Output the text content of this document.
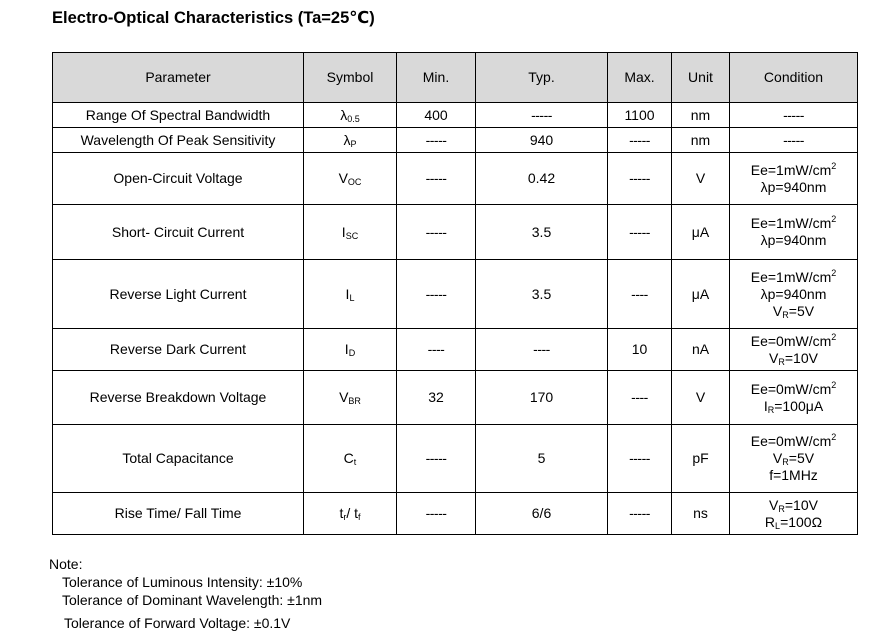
Electro-Optical Characteristics (Ta=25℃)
Parameter	Symbol	Min.	Typ.	Max.	Unit	Condition
Range Of Spectral Bandwidth	$\lambda_{0.5}$	400	-----	1100	nm	-----
Wavelength Of Peak Sensitivity	$\lambda_P$	-----	940	-----	nm	-----
Open-Circuit Voltage	$V_{OC}$	-----	0.42	-----	V	$Ee=1mW/cm^2$
λp=940nm

Short- Circuit Current	$I_{SC}$	-----	3.5	-----	μA	$Ee=1mW/cm^2$
λp=940nm

Reverse Light Current	$I_L$	-----	3.5	----	μA	$Ee=1mW/cm^2$
λp=940nm
$V_R=5V$

Reverse Dark Current	$I_D$	----	----	10	nA	$Ee=0mW/cm^2$
$V_R=10V$

Reverse Breakdown Voltage	$V_{BR}$	32	170	----	V	$Ee=0mW/cm^2$
$I_R=100\mu A$

Total Capacitance	$C_t$	-----	5	-----	pF	$Ee=0mW/cm^2$
$V_R=5V$
f=1MHz

Rise Time/ Fall Time	$t_r/$ $t_f$	-----	6/6	-----	ns	$V_R=10V$
$R_L=100\Omega$
Note:
Tolerance of Luminous Intensity: ±10%
Tolerance of Dominant Wavelength: ±1nm
Tolerance of Forward Voltage: ±0.1V
